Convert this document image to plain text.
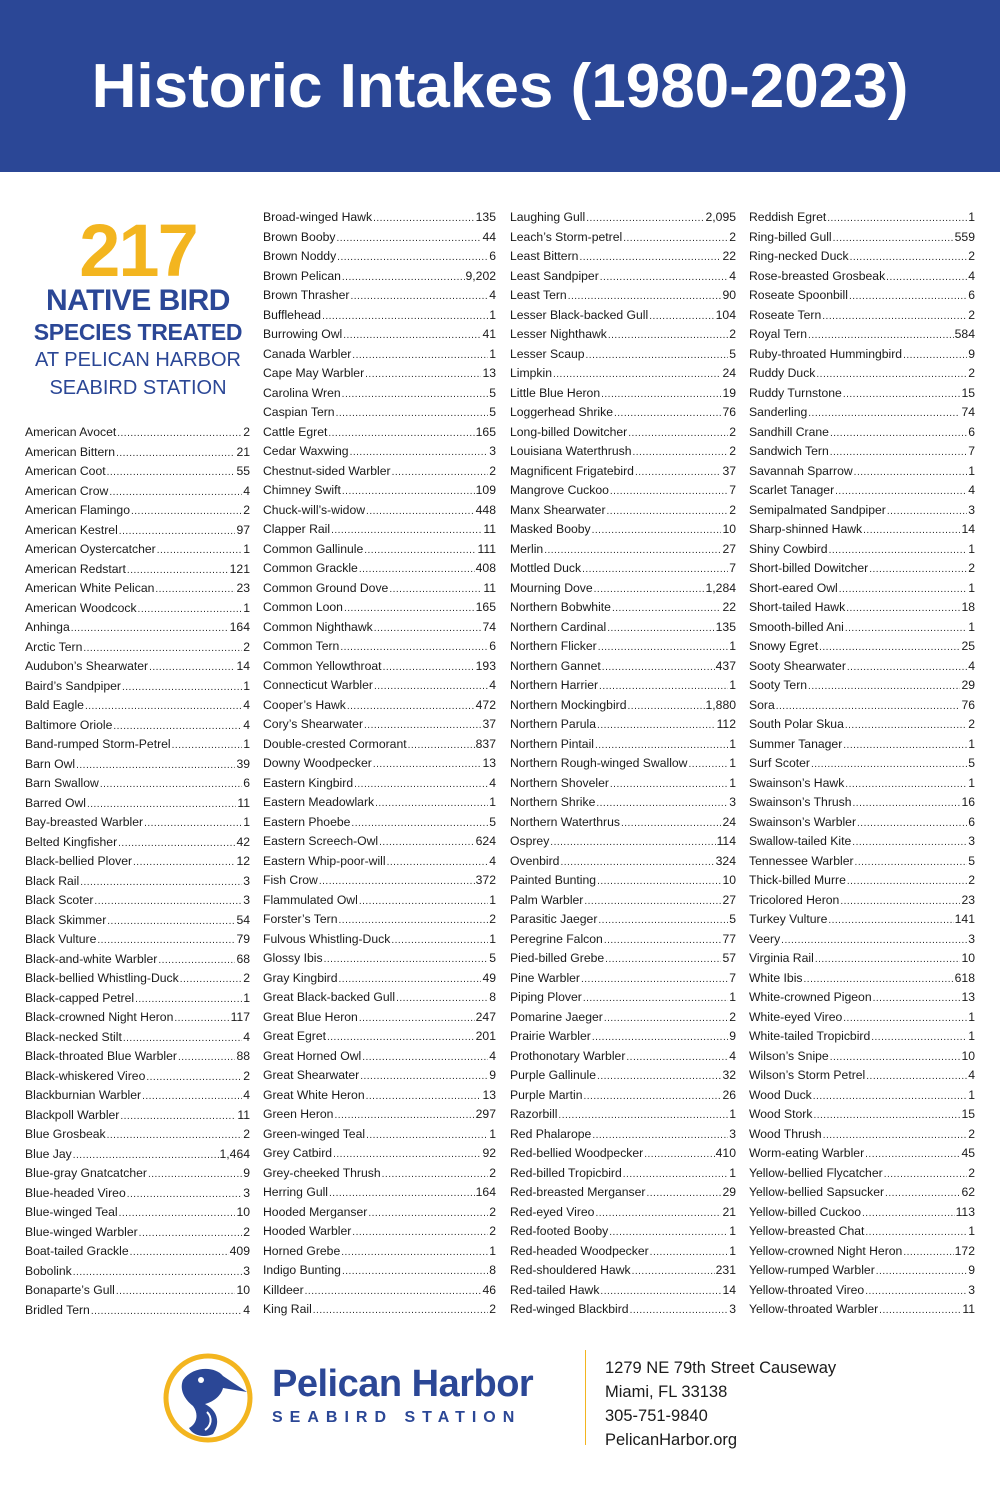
Historic Intakes (1980-2023)
217
NATIVE BIRD
SPECIES TREATED
AT PELICAN HARBOR
SEABIRD STATION
American Avocet .....	2
American Bittern .....	21
American Coot .....	55
American Crow .....	4
American Flamingo .....	2
American Kestrel .....	97
American Oystercatcher .....	1
American Redstart .....	121
American White Pelican .....	23
American Woodcock .....	1
Anhinga .....	164
Arctic Tern .....	2
Audubon’s Shearwater .....	14
Baird’s Sandpiper .....	1
Bald Eagle .....	4
Baltimore Oriole .....	4
Band-rumped Storm-Petrel .....	1
Barn Owl .....	39
Barn Swallow .....	6
Barred Owl .....	11
Bay-breasted Warbler .....	1
Belted Kingfisher .....	42
Black-bellied Plover .....	12
Black Rail .....	3
Black Scoter .....	3
Black Skimmer .....	54
Black Vulture .....	79
Black-and-white Warbler .....	68
Black-bellied Whistling-Duck .....	2
Black-capped Petrel .....	1
Black-crowned Night Heron .....	117
Black-necked Stilt .....	4
Black-throated Blue Warbler .....	88
Black-whiskered Vireo .....	2
Blackburnian Warbler .....	4
Blackpoll Warbler .....	11
Blue Grosbeak .....	2
Blue Jay .....	1,464
Blue-gray Gnatcatcher .....	9
Blue-headed Vireo .....	3
Blue-winged Teal .....	10
Blue-winged Warbler .....	2
Boat-tailed Grackle .....	409
Bobolink .....	3
Bonaparte’s Gull .....	10
Bridled Tern .....	4
Broad-winged Hawk .....	135
Brown Booby .....	44
Brown Noddy .....	6
Brown Pelican .....	9,202
Brown Thrasher .....	4
Bufflehead .....	1
Burrowing Owl .....	41
Canada Warbler .....	1
Cape May Warbler .....	13
Carolina Wren .....	5
Caspian Tern .....	5
Cattle Egret .....	165
Cedar Waxwing .....	3
Chestnut-sided Warbler .....	2
Chimney Swift .....	109
Chuck-will’s-widow .....	448
Clapper Rail .....	11
Common Gallinule .....	111
Common Grackle .....	408
Common Ground Dove .....	11
Common Loon .....	165
Common Nighthawk .....	74
Common Tern .....	6
Common Yellowthroat .....	193
Connecticut Warbler .....	4
Cooper’s Hawk .....	472
Cory’s Shearwater .....	37
Double-crested Cormorant .....	837
Downy Woodpecker .....	13
Eastern Kingbird .....	4
Eastern Meadowlark .....	1
Eastern Phoebe .....	5
Eastern Screech-Owl .....	624
Eastern Whip-poor-will .....	4
Fish Crow .....	372
Flammulated Owl .....	1
Forster’s Tern .....	2
Fulvous Whistling-Duck .....	1
Glossy Ibis .....	5
Gray Kingbird .....	49
Great Black-backed Gull .....	8
Great Blue Heron .....	247
Great Egret .....	201
Great Horned Owl .....	4
Great Shearwater .....	9
Great White Heron .....	13
Green Heron .....	297
Green-winged Teal .....	1
Grey Catbird .....	92
Grey-cheeked Thrush .....	2
Herring Gull .....	164
Hooded Merganser .....	2
Hooded Warbler .....	2
Horned Grebe .....	1
Indigo Bunting .....	8
Killdeer .....	46
King Rail .....	2
Laughing Gull .....	2,095
Leach’s Storm-petrel .....	2
Least Bittern .....	22
Least Sandpiper .....	4
Least Tern .....	90
Lesser Black-backed Gull .....	104
Lesser Nighthawk .....	2
Lesser Scaup .....	5
Limpkin .....	24
Little Blue Heron .....	19
Loggerhead Shrike .....	76
Long-billed Dowitcher .....	2
Louisiana Waterthrush .....	2
Magnificent Frigatebird .....	37
Mangrove Cuckoo .....	7
Manx Shearwater .....	2
Masked Booby .....	10
Merlin .....	27
Mottled Duck .....	7
Mourning Dove .....	1,284
Northern Bobwhite .....	22
Northern Cardinal .....	135
Northern Flicker .....	1
Northern Gannet .....	437
Northern Harrier .....	1
Northern Mockingbird .....	1,880
Northern Parula .....	112
Northern Pintail .....	1
Northern Rough-winged Swallow .....	1
Northern Shoveler .....	1
Northern Shrike .....	3
Northern Waterthrus .....	24
Osprey .....	114
Ovenbird .....	324
Painted Bunting .....	10
Palm Warbler .....	27
Parasitic Jaeger .....	5
Peregrine Falcon .....	77
Pied-billed Grebe .....	57
Pine Warbler .....	7
Piping Plover .....	1
Pomarine Jaeger .....	2
Prairie Warbler .....	9
Prothonotary Warbler .....	4
Purple Gallinule .....	32
Purple Martin .....	26
Razorbill .....	1
Red Phalarope .....	3
Red-bellied Woodpecker .....	410
Red-billed Tropicbird .....	1
Red-breasted Merganser .....	29
Red-eyed Vireo .....	21
Red-footed Booby .....	1
Red-headed Woodpecker .....	1
Red-shouldered Hawk .....	231
Red-tailed Hawk .....	14
Red-winged Blackbird .....	3
Reddish Egret .....	1
Ring-billed Gull .....	559
Ring-necked Duck .....	2
Rose-breasted Grosbeak .....	4
Roseate Spoonbill .....	6
Roseate Tern .....	2
Royal Tern .....	584
Ruby-throated Hummingbird .....	9
Ruddy Duck .....	2
Ruddy Turnstone .....	15
Sanderling .....	74
Sandhill Crane .....	6
Sandwich Tern .....	7
Savannah Sparrow .....	1
Scarlet Tanager .....	4
Semipalmated Sandpiper .....	3
Sharp-shinned Hawk .....	14
Shiny Cowbird .....	1
Short-billed Dowitcher .....	2
Short-eared Owl .....	1
Short-tailed Hawk .....	18
Smooth-billed Ani .....	1
Snowy Egret .....	25
Sooty Shearwater .....	4
Sooty Tern .....	29
Sora .....	76
South Polar Skua .....	2
Summer Tanager .....	1
Surf Scoter .....	5
Swainson’s Hawk .....	1
Swainson’s Thrush .....	16
Swainson’s Warbler .....	6
Swallow-tailed Kite .....	3
Tennessee Warbler .....	5
Thick-billed Murre .....	2
Tricolored Heron .....	23
Turkey Vulture .....	141
Veery .....	3
Virginia Rail .....	10
White Ibis .....	618
White-crowned Pigeon .....	13
White-eyed Vireo .....	1
White-tailed Tropicbird .....	1
Wilson’s Snipe .....	10
Wilson’s Storm Petrel .....	4
Wood Duck .....	1
Wood Stork .....	15
Wood Thrush .....	2
Worm-eating Warbler .....	45
Yellow-bellied Flycatcher .....	2
Yellow-bellied Sapsucker .....	62
Yellow-billed Cuckoo .....	113
Yellow-breasted Chat .....	1
Yellow-crowned Night Heron .....	172
Yellow-rumped Warbler .....	9
Yellow-throated Vireo .....	3
Yellow-throated Warbler .....	11
Pelican Harbor
SEABIRD STATION
1279 NE 79th Street Causeway
Miami, FL 33138
305-751-9840
PelicanHarbor.org
